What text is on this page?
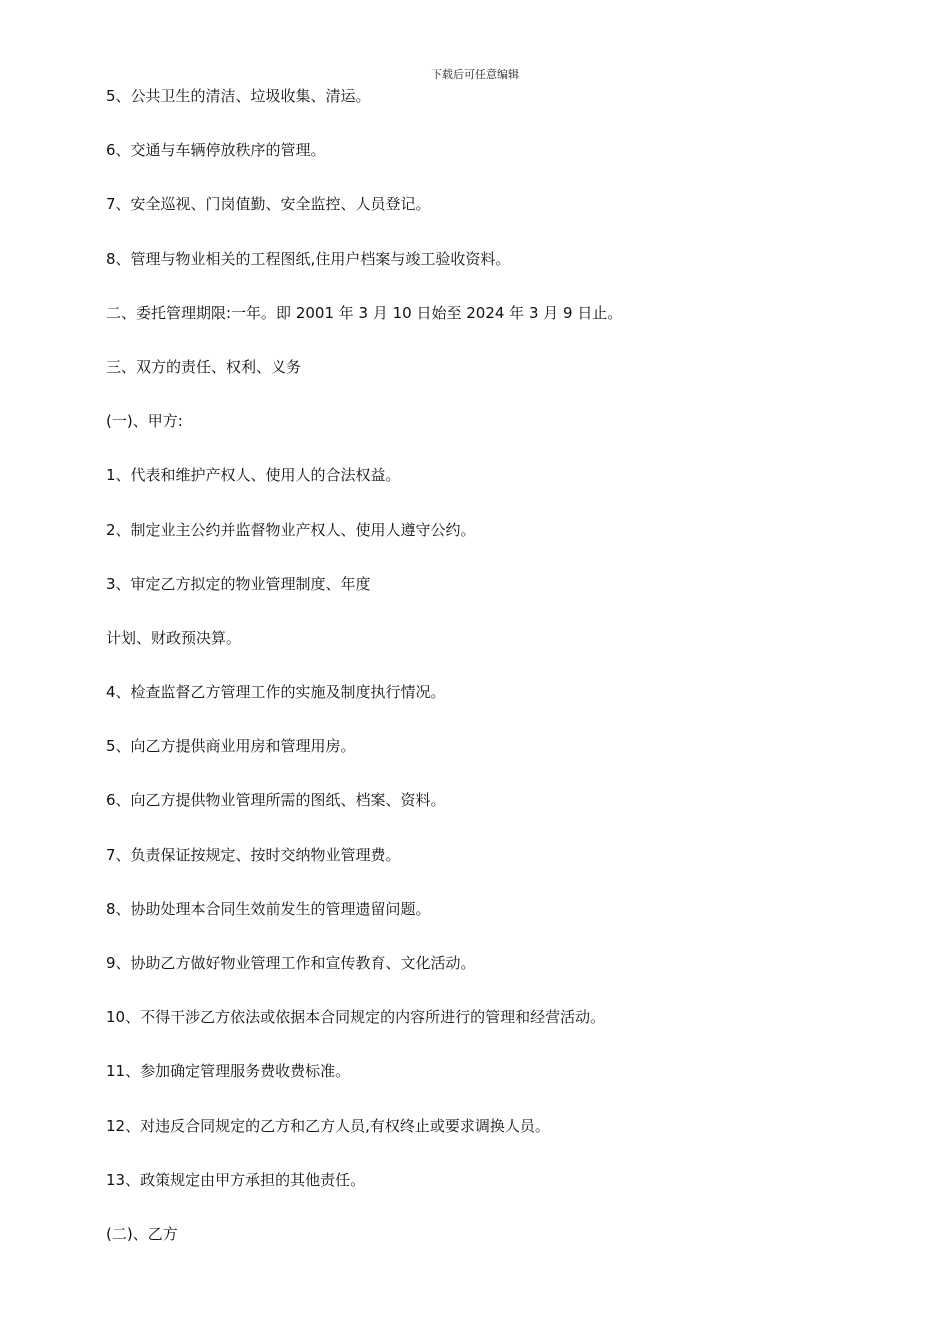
下载后可任意编辑
5、公共卫生的清洁、垃圾收集、清运。
6、交通与车辆停放秩序的管理。
7、安全巡视、门岗值勤、安全监控、人员登记。
8、管理与物业相关的工程图纸,住用户档案与竣工验收资料。
二、委托管理期限:一年。即 2001 年 3 月 10 日始至 2024 年 3 月 9 日止。
三、双方的责任、权利、义务
(一)、甲方:
1、代表和维护产权人、使用人的合法权益。
2、制定业主公约并监督物业产权人、使用人遵守公约。
3、审定乙方拟定的物业管理制度、年度
计划、财政预决算。
4、检查监督乙方管理工作的实施及制度执行情况。
5、向乙方提供商业用房和管理用房。
6、向乙方提供物业管理所需的图纸、档案、资料。
7、负责保证按规定、按时交纳物业管理费。
8、协助处理本合同生效前发生的管理遗留问题。
9、协助乙方做好物业管理工作和宣传教育、文化活动。
10、不得干涉乙方依法或依据本合同规定的内容所进行的管理和经营活动。
11、参加确定管理服务费收费标准。
12、对违反合同规定的乙方和乙方人员,有权终止或要求调换人员。
13、政策规定由甲方承担的其他责任。
(二)、乙方
